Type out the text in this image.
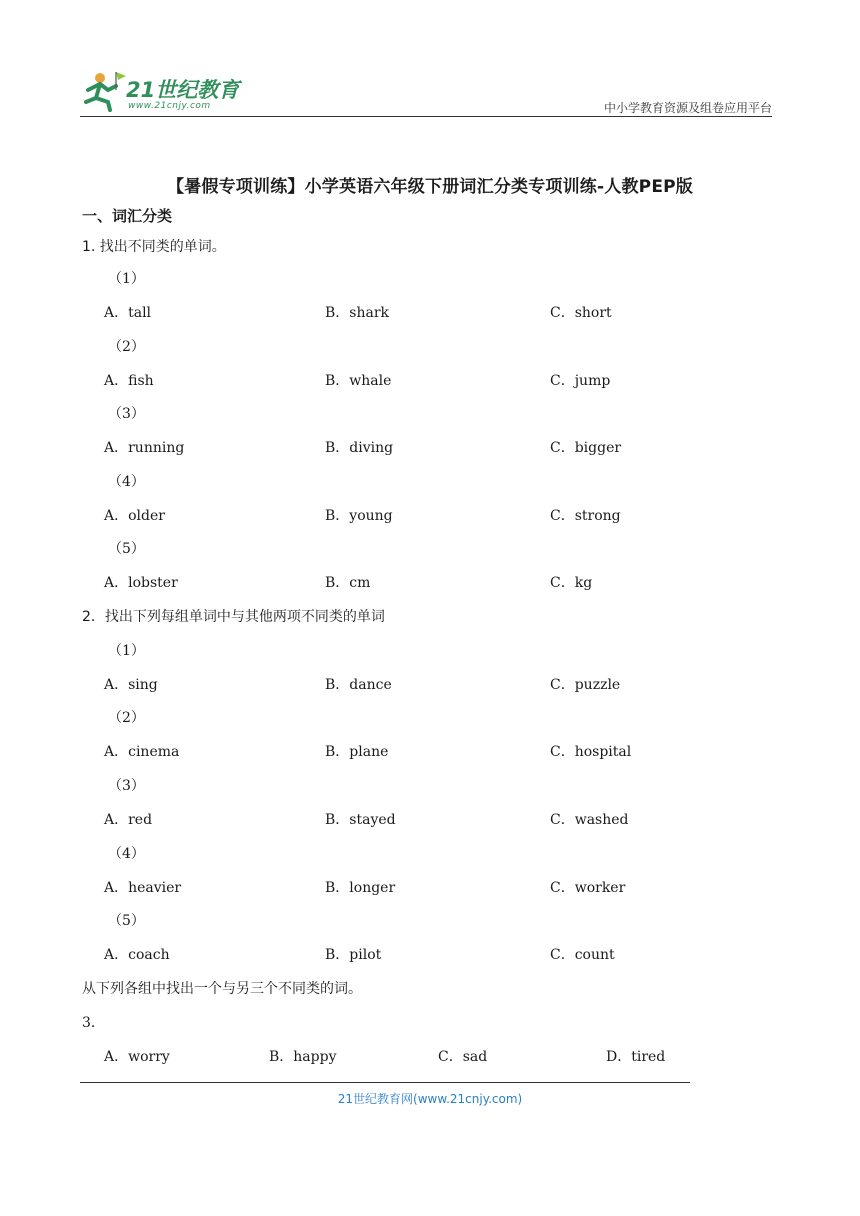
21世纪教育
www.21cnjy.com	中小学教育资源及组卷应用平台
【暑假专项训练】小学英语六年级下册词汇分类专项训练-人教PEP版
一、词汇分类
1. 找出不同类的单词。
（1）
A．tall	B．shark	C．short
（2）
A．fish	B．whale	C．jump
（3）
A．running	B．diving	C．bigger
（4）
A．older	B．young	C．strong
（5）
A．lobster	B．cm	C．kg
2．找出下列每组单词中与其他两项不同类的单词
（1）
A．sing	B．dance	C．puzzle
（2）
A．cinema	B．plane	C．hospital
（3）
A．red	B．stayed	C．washed
（4）
A．heavier	B．longer	C．worker
（5）
A．coach	B．pilot	C．count
从下列各组中找出一个与另三个不同类的词。
3．
A．worry	B．happy	C．sad	D．tired
21世纪教育网(www.21cnjy.com)
